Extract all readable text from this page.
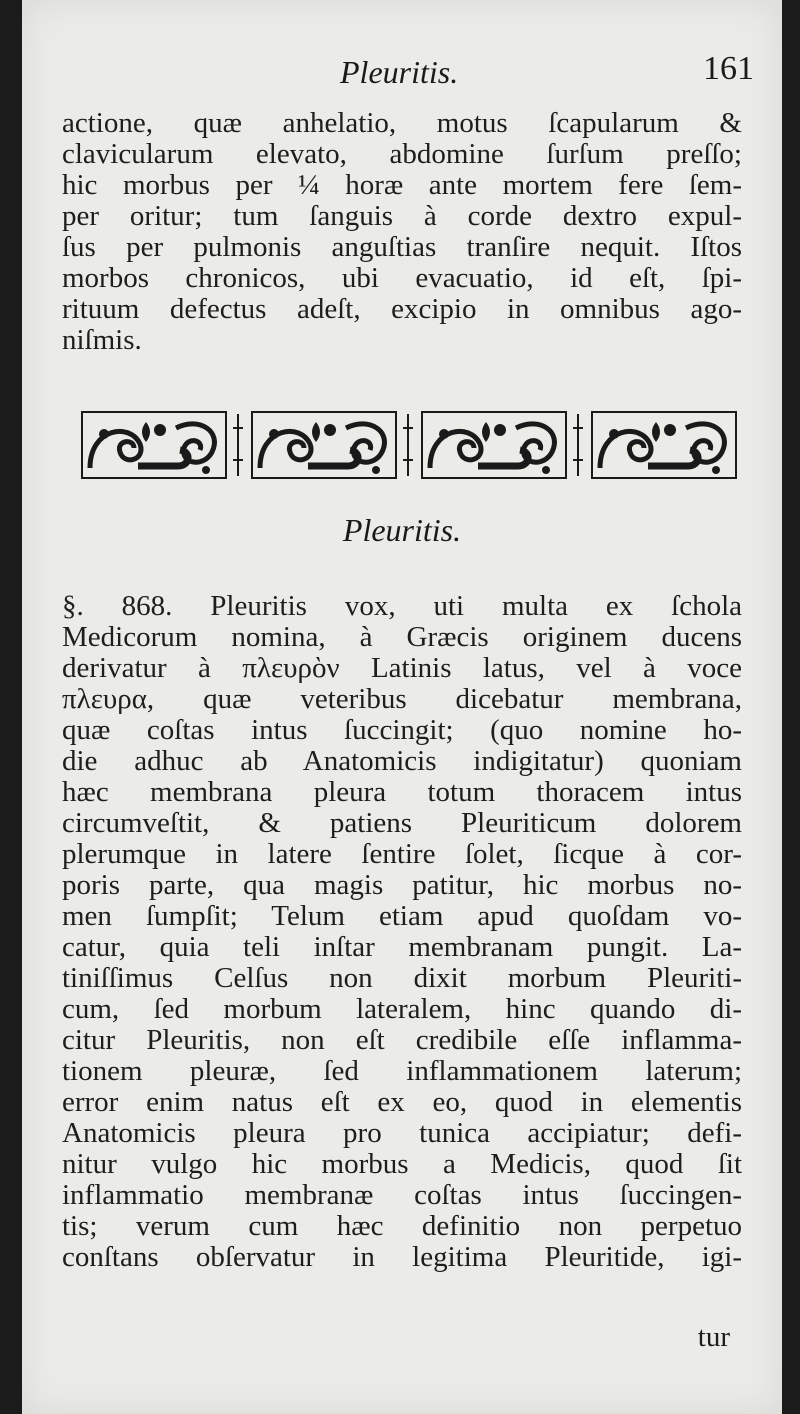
Pleuritis.	161
actione, quæ anhelatio, motus ſcapularum &
clavicularum elevato, abdomine ſurſum preſſo;
hic morbus per ¼ horæ ante mortem fere ſem-
per oritur; tum ſanguis à corde dextro expul-
ſus per pulmonis anguſtias tranſire nequit. Iſtos
morbos chronicos, ubi evacuatio, id eſt, ſpi-
rituum defectus adeſt, excipio in omnibus ago-
niſmis.
Pleuritis.
§. 868. Pleuritis vox, uti multa ex ſchola
Medicorum nomina, à Græcis originem ducens
derivatur à πλευρὸν Latinis latus, vel à voce
πλευρα, quæ veteribus dicebatur membrana,
quæ coſtas intus ſuccingit; (quo nomine ho-
die adhuc ab Anatomicis indigitatur) quoniam
hæc membrana pleura totum thoracem intus
circumveſtit, & patiens Pleuriticum dolorem
plerumque in latere ſentire ſolet, ſicque à cor-
poris parte, qua magis patitur, hic morbus no-
men ſumpſit; Telum etiam apud quoſdam vo-
catur, quia teli inſtar membranam pungit. La-
tiniſſimus Celſus non dixit morbum Pleuriti-
cum, ſed morbum lateralem, hinc quando di-
citur Pleuritis, non eſt credibile eſſe inflamma-
tionem pleuræ, ſed inflammationem laterum;
error enim natus eſt ex eo, quod in elementis
Anatomicis pleura pro tunica accipiatur; defi-
nitur vulgo hic morbus a Medicis, quod ſit
inflammatio membranæ coſtas intus ſuccingen-
tis; verum cum hæc definitio non perpetuo
conſtans obſervatur in legitima Pleuritide, igi-
tur
